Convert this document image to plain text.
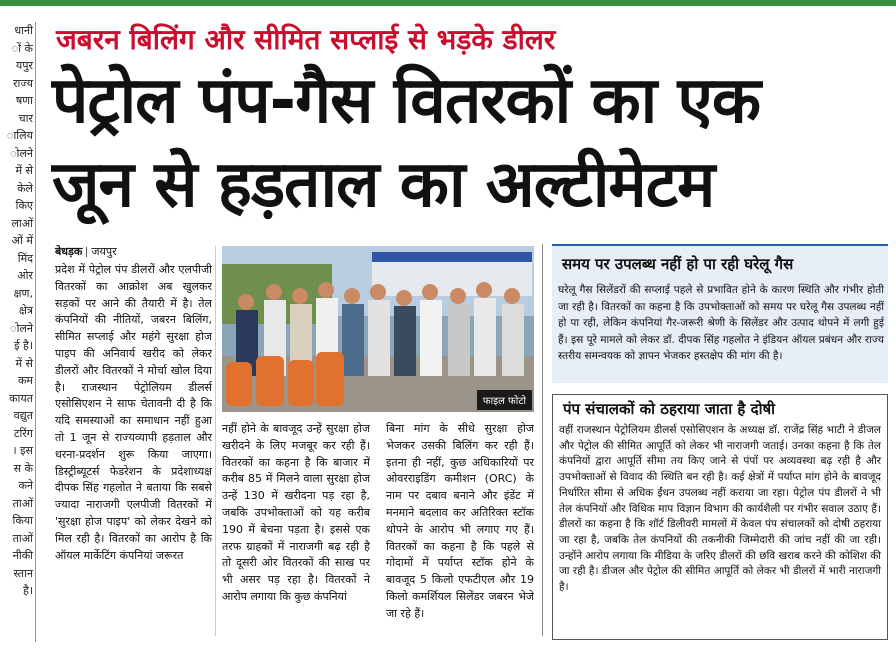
धानी
ों के
यपुर
राज्य
षणा
चार
ालिय
ोलने
में से
केले
किए
लाओं
ओं में
मिंद
ओर
क्षण,
क्षेत्र
ोलने
ई है।
में से
कम
कायत
वद्युत
टरिंग
। इस
स के
कने
ताओं
किया
ताओं
नीकी
स्तान
है।
जबरन बिलिंग और सीमित सप्लाई से भड़के डीलर
पेट्रोल पंप-गैस वितरकों का एक
जून से हड़ताल का अल्टीमेटम
बेधड़क जयपुर
प्रदेश में पेट्रोल पंप डीलरों और एलपीजी वितरकों का आक्रोश अब खुलकर सड़कों पर आने की तैयारी में है। तेल कंपनियों की नीतियों, जबरन बिलिंग, सीमित सप्लाई और महंगे सुरक्षा होज पाइप की अनिवार्य खरीद को लेकर डीलरों और वितरकों ने मोर्चा खोल दिया है। राजस्थान पेट्रोलियम डीलर्स एसोसिएशन ने साफ चेतावनी दी है कि यदि समस्याओं का समाधान नहीं हुआ तो 1 जून से राज्यव्यापी हड़ताल और धरना-प्रदर्शन शुरू किया जाएगा। डिस्ट्रीब्यूटर्स फेडरेशन के प्रदेशाध्यक्ष दीपक सिंह गहलोत ने बताया कि सबसे ज्यादा नाराजगी एलपीजी वितरकों में 'सुरक्षा होज पाइप' को लेकर देखने को मिल रही है। वितरकों का आरोप है कि ऑयल मार्केटिंग कंपनियां जरूरत
फाइल फोटो
नहीं होने के बावजूद उन्हें सुरक्षा होज खरीदने के लिए मजबूर कर रही हैं। वितरकों का कहना है कि बाजार में करीब 85 में मिलने वाला सुरक्षा होज उन्हें 130 में खरीदना पड़ रहा है, जबकि उपभोक्ताओं को यह करीब 190 में बेचना पड़ता है। इससे एक तरफ ग्राहकों में नाराजगी बढ़ रही है तो दूसरी ओर वितरकों की साख पर भी असर पड़ रहा है। वितरकों ने आरोप लगाया कि कुछ कंपनियां
बिना मांग के सीधे सुरक्षा होज भेजकर उसकी बिलिंग कर रही हैं। इतना ही नहीं, कुछ अधिकारियों पर ओवरराइडिंग कमीशन (ORC) के नाम पर दबाव बनाने और इंडेंट में मनमाने बदलाव कर अतिरिक्त स्टॉक थोपने के आरोप भी लगाए गए हैं। वितरकों का कहना है कि पहले से गोदामों में पर्याप्त स्टॉक होने के बावजूद 5 किलो एफटीएल और 19 किलो कमर्शियल सिलेंडर जबरन भेजे जा रहे हैं।
समय पर उपलब्ध नहीं हो पा रही घरेलू गैस
घरेलू गैस सिलेंडरों की सप्लाई पहले से प्रभावित होने के कारण स्थिति और गंभीर होती जा रही है। वितरकों का कहना है कि उपभोक्ताओं को समय पर घरेलू गैस उपलब्ध नहीं हो पा रही, लेकिन कंपनियां गैर-जरूरी श्रेणी के सिलेंडर और उत्पाद थोपने में लगी हुई हैं। इस पूरे मामले को लेकर डॉ. दीपक सिंह गहलोत ने इंडियन ऑयल प्रबंधन और राज्य स्तरीय समन्वयक को ज्ञापन भेजकर हस्तक्षेप की मांग की है।
पंप संचालकों को ठहराया जाता है दोषी
वहीं राजस्थान पेट्रोलियम डीलर्स एसोसिएशन के अध्यक्ष डॉ. राजेंद्र सिंह भाटी ने डीजल और पेट्रोल की सीमित आपूर्ति को लेकर भी नाराजगी जताई। उनका कहना है कि तेल कंपनियों द्वारा आपूर्ति सीमा तय किए जाने से पंपों पर अव्यवस्था बढ़ रही है और उपभोक्ताओं से विवाद की स्थिति बन रही है। कई क्षेत्रों में पर्याप्त मांग होने के बावजूद निर्धारित सीमा से अधिक ईंधन उपलब्ध नहीं कराया जा रहा। पेट्रोल पंप डीलरों ने भी तेल कंपनियों और विधिक माप विज्ञान विभाग की कार्यशैली पर गंभीर सवाल उठाए हैं। डीलरों का कहना है कि शॉर्ट डिलीवरी मामलों में केवल पंप संचालकों को दोषी ठहराया जा रहा है, जबकि तेल कंपनियों की तकनीकी जिम्मेदारी की जांच नहीं की जा रही। उन्होंने आरोप लगाया कि मीडिया के जरिए डीलरों की छवि खराब करने की कोशिश की जा रही है। डीजल और पेट्रोल की सीमित आपूर्ति को लेकर भी डीलरों में भारी नाराजगी है।
